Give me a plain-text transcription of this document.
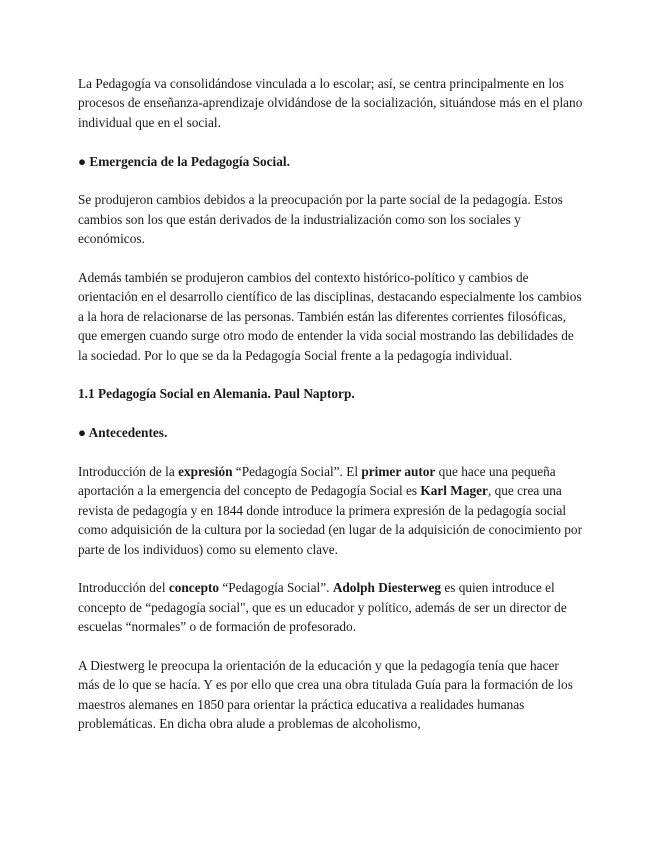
La Pedagogía va consolidándose vinculada a lo escolar; así, se centra principalmente en los procesos de enseñanza-aprendizaje olvidándose de la socialización, situándose más en el plano individual que en el social.

● Emergencia de la Pedagogía Social.

Se produjeron cambios debidos a la preocupación por la parte social de la pedagogía. Estos cambios son los que están derivados de la industrialización como son los sociales y económicos.

Además también se produjeron cambios del contexto histórico-político y cambios de orientación en el desarrollo científico de las disciplinas, destacando especialmente los cambios a la hora de relacionarse de las personas. También están las diferentes corrientes filosóficas, que emergen cuando surge otro modo de entender la vida social mostrando las debilidades de la sociedad. Por lo que se da la Pedagogía Social frente a la pedagogía individual.

1.1 Pedagogía Social en Alemania. Paul Naptorp.
● Antecedentes.

Introducción de la expresión “Pedagogía Social”. El primer autor que hace una pequeña aportación a la emergencia del concepto de Pedagogía Social es Karl Mager, que crea una revista de pedagogía y en 1844 donde introduce la primera expresión de la pedagogía social como adquisición de la cultura por la sociedad (en lugar de la adquisición de conocimiento por parte de los individuos) como su elemento clave.

Introducción del concepto “Pedagogía Social”. Adolph Diesterweg es quien introduce el concepto de “pedagogía social", que es un educador y político, además de ser un director de escuelas “normales” o de formación de profesorado.

A Diestwerg le preocupa la orientación de la educación y que la pedagogía tenía que hacer más de lo que se hacía. Y es por ello que crea una obra titulada Guía para la formación de los maestros alemanes en 1850 para orientar la práctica educativa a realidades humanas problemáticas. En dicha obra alude a problemas de alcoholismo,
